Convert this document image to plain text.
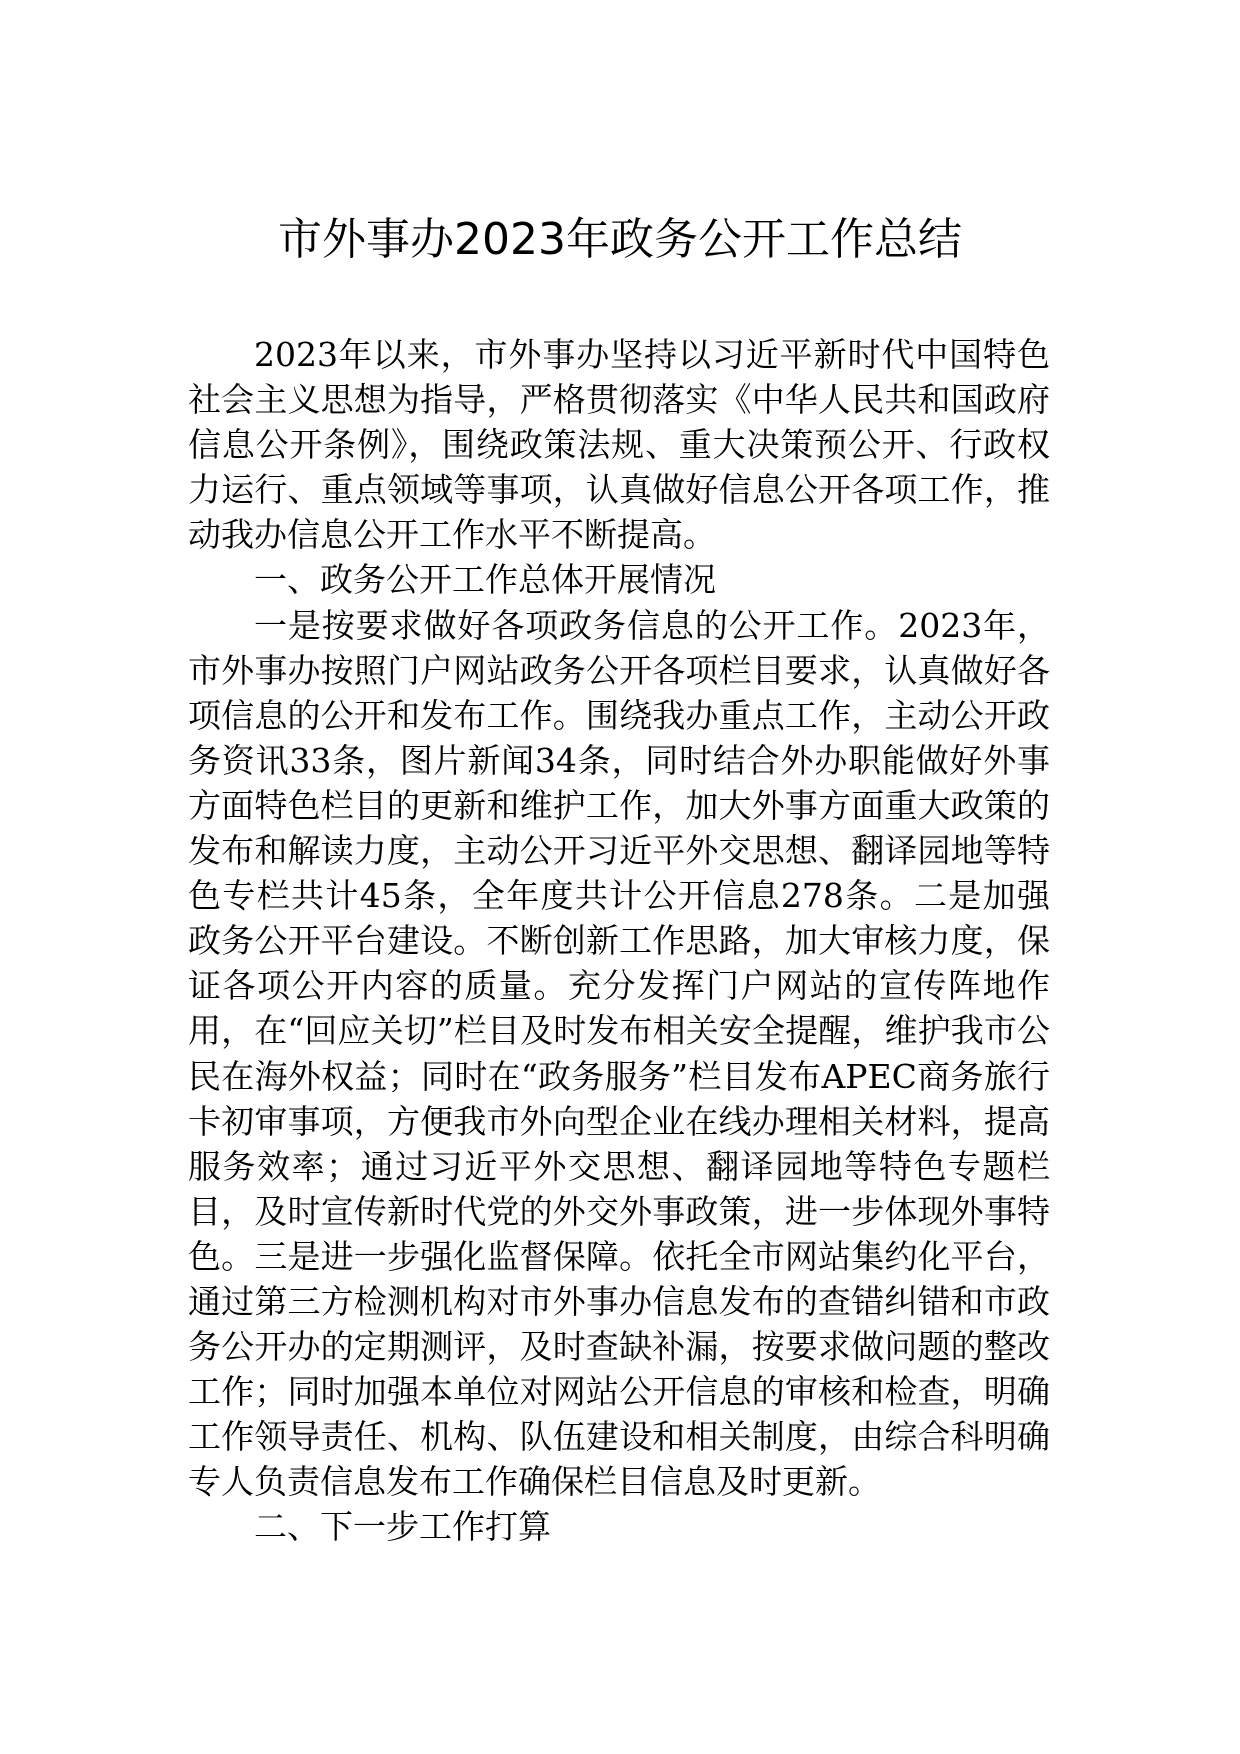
市外事办2023年政务公开工作总结

2023年以来，市外事办坚持以习近平新时代中国特色社会主义思想为指导，严格贯彻落实《中华人民共和国政府信息公开条例》，围绕政策法规、重大决策预公开、行政权力运行、重点领域等事项，认真做好信息公开各项工作，推动我办信息公开工作水平不断提高。

一、政务公开工作总体开展情况

一是按要求做好各项政务信息的公开工作。2023年，市外事办按照门户网站政务公开各项栏目要求，认真做好各项信息的公开和发布工作。围绕我办重点工作，主动公开政务资讯33条，图片新闻34条，同时结合外办职能做好外事方面特色栏目的更新和维护工作，加大外事方面重大政策的发布和解读力度，主动公开习近平外交思想、翻译园地等特色专栏共计45条，全年度共计公开信息278条。二是加强政务公开平台建设。不断创新工作思路，加大审核力度，保证各项公开内容的质量。充分发挥门户网站的宣传阵地作用，在“回应关切”栏目及时发布相关安全提醒，维护我市公民在海外权益；同时在“政务服务”栏目发布APEC商务旅行卡初审事项，方便我市外向型企业在线办理相关材料，提高服务效率；通过习近平外交思想、翻译园地等特色专题栏目，及时宣传新时代党的外交外事政策，进一步体现外事特色。三是进一步强化监督保障。依托全市网站集约化平台，通过第三方检测机构对市外事办信息发布的查错纠错和市政务公开办的定期测评，及时查缺补漏，按要求做问题的整改工作；同时加强本单位对网站公开信息的审核和检查，明确工作领导责任、机构、队伍建设和相关制度，由综合科明确专人负责信息发布工作确保栏目信息及时更新。

二、下一步工作打算
